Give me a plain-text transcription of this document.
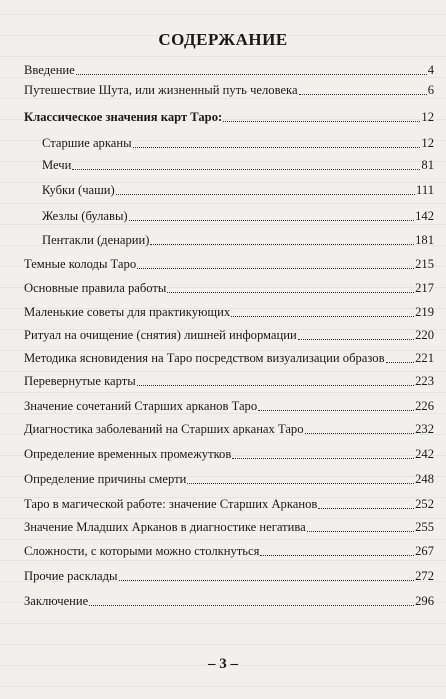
СОДЕРЖАНИЕ
Введение	4
Путешествие Шута, или жизненный путь человека	6
Классическое значения карт Таро:	12
Старшие арканы	12
Мечи	81
Кубки (чаши)	111
Жезлы (булавы)	142
Пентакли (денарии)	181
Темные колоды Таро	215
Основные правила работы	217
Маленькие советы для практикующих	219
Ритуал на очищение (снятия) лишней информации	220
Методика ясновидения на Таро посредством визуализации образов 221
Перевернутые карты	223
Значение сочетаний Старших арканов Таро	226
Диагностика заболеваний на Старших арканах Таро	232
Определение временных промежутков	242
Определение причины смерти	248
Таро в магической работе: значение Старших Арканов	252
Значение Младших Арканов в диагностике негатива	255
Сложности, с которыми можно столкнуться	267
Прочие расклады	272
Заключение	296
– 3 –
